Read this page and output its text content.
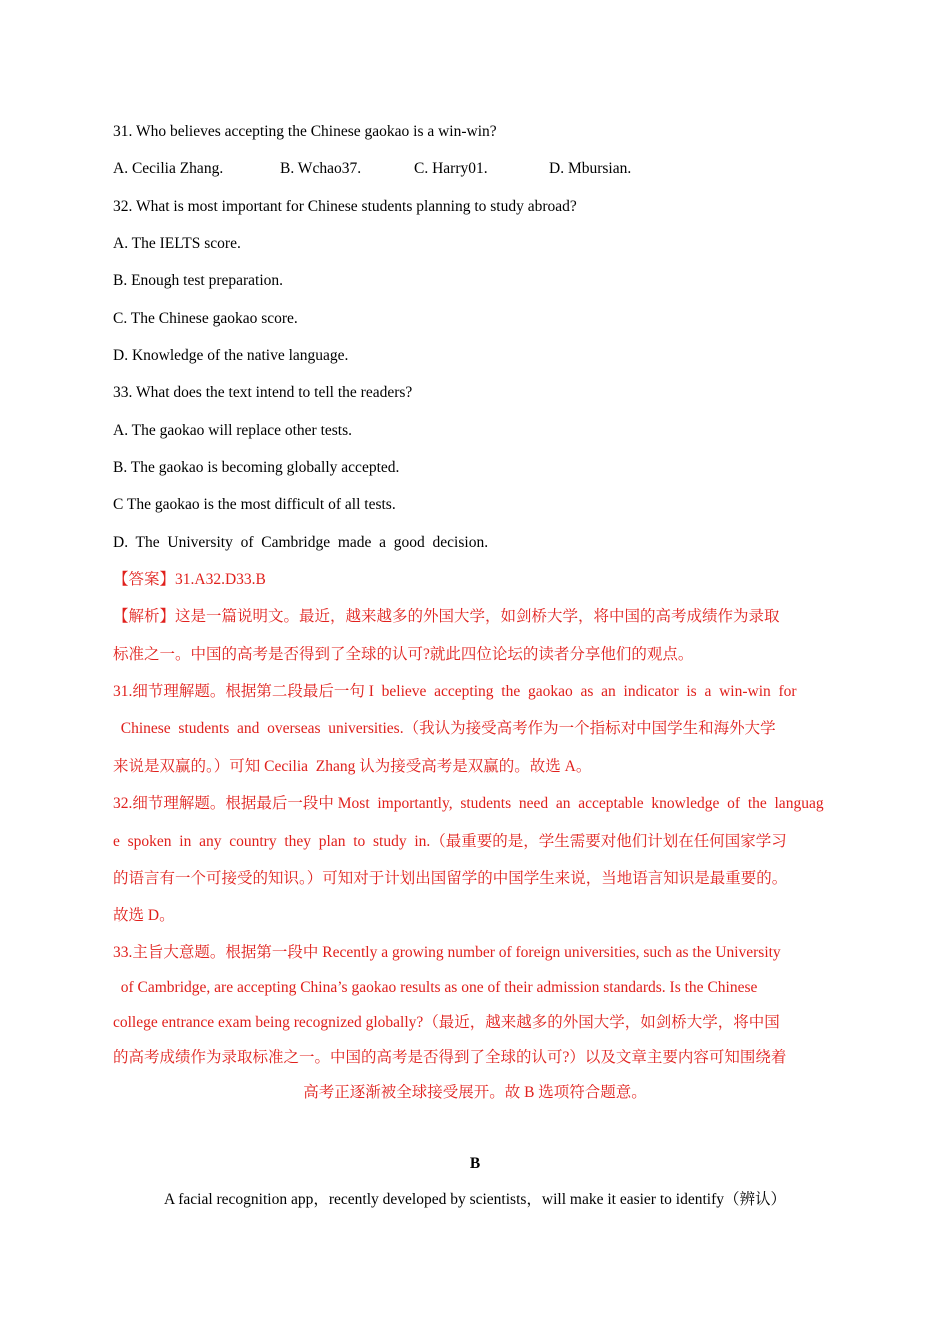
31. Who believes accepting the Chinese gaokao is a win-win?
A. Cecilia Zhang.	B. Wchao37.	C. Harry01.	D. Mbursian.
32. What is most important for Chinese students planning to study abroad?
A. The IELTS score.
B. Enough test preparation.
C. The Chinese gaokao score.
D. Knowledge of the native language.
33. What does the text intend to tell the readers?
A. The gaokao will replace other tests.
B. The gaokao is becoming globally accepted.
C The gaokao is the most difficult of all tests.
D.  The  University  of  Cambridge  made  a  good  decision.
【答案】31.A32.D33.B
【解析】这是一篇说明文。最近，越来越多的外国大学，如剑桥大学，将中国的高考成绩作为录取
标准之一。中国的高考是否得到了全球的认可?就此四位论坛的读者分享他们的观点。
31.细节理解题。根据第二段最后一句 I  believe  accepting  the  gaokao  as  an  indicator  is  a  win-win  for
Chinese  students  and  overseas  universities.（我认为接受高考作为一个指标对中国学生和海外大学
来说是双赢的。）可知 Cecilia  Zhang 认为接受高考是双赢的。故选 A。
32.细节理解题。根据最后一段中 Most  importantly,  students  need  an  acceptable  knowledge  of  the  languag
e  spoken  in  any  country  they  plan  to  study  in.（最重要的是，学生需要对他们计划在任何国家学习
的语言有一个可接受的知识。）可知对于计划出国留学的中国学生来说，当地语言知识是最重要的。
故选 D。
33.主旨大意题。根据第一段中 Recently a growing number of foreign universities, such as the University
of Cambridge, are accepting China’s gaokao results as one of their admission standards. Is the Chinese
college entrance exam being recognized globally?（最近，越来越多的外国大学，如剑桥大学，将中国
的高考成绩作为录取标准之一。中国的高考是否得到了全球的认可?）以及文章主要内容可知围绕着
高考正逐渐被全球接受展开。故 B 选项符合题意。
B
A facial recognition app，recently developed by scientists，will make it easier to identify（辨认）
